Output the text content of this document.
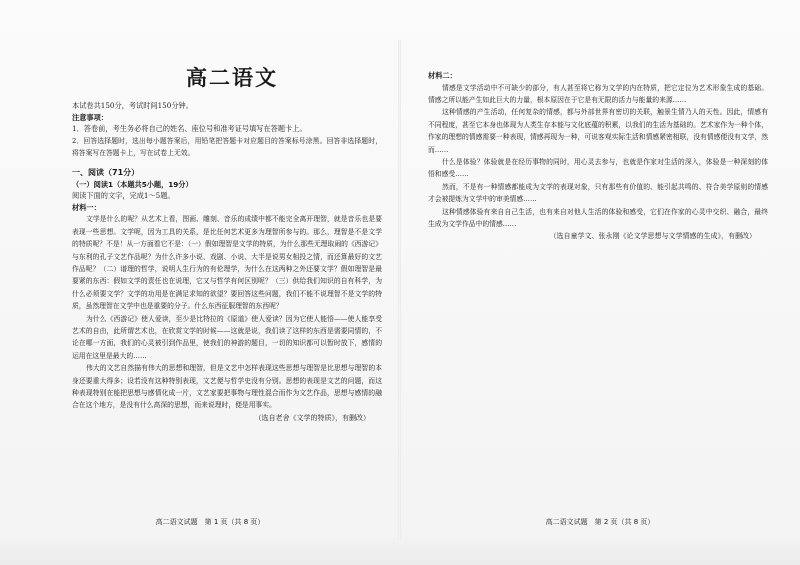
高二语文
本试卷共150分，考试时间150分钟。
注意事项：
1．答卷前，考生务必将自己的姓名、座位号和准考证号填写在答题卡上。
2．回答选择题时，选出每小题答案后，用铅笔把答题卡对应题目的答案标号涂黑。回答非选择题时，将答案写在答题卡上，写在试卷上无效。
一、阅读（71分）
（一）阅读1（本题共5小题，19分）
阅读下面的文字，完成1～5题。
材料一：
文学是什么的呢？从艺术上看，图画、雕刻、音乐的成绩中都不能完全离开理智，就是音乐也是要表现一些思想。文学呢，因为工具的关系，是比任何艺术更多为理智所参与的。那么，理智是不是文学的特质呢？不是！从一方面看它不是：（一）假如理智是文学的特质，为什么那些无理取闹的《西游记》与东利的孔子文艺作品呢？为什么许多小说、戏剧、小说、大半是说男女相投之情，而还算最好的文艺作品呢？（二）谱理的哲学，说明人生行为的有伦理学，为什么在这两种之外还要文学？假如理智是最要紧的东西：假如文学的责任也在说理，它又与哲学有何区别呢？（三）供给我们知识的自有科学，为什么必须要文学？文学的功用是在满足求知的欲望？要回答这些问题，我们不能不说理智不是文学的特质，虽然理智在文学中也是重要的分子。什么东西征服理智的东西呢？
为什么《西游记》使人爱读，至少是比特拉的《原道》使人爱读？因为它使人能悟——使人能享受艺术的自由，此所谓艺术也，在欣赏文学的时候——这就是说，我们读了这样的东西是需要同情的，不论在哪一方面，我们的心灵被引到作品里，使我们的神游的题目，一切的知识都可以暂时放下，感情的运用在这里是最大的……
伟大的文艺自然描有伟大的思想和理智，但是文艺中怎样表现这些思想与理智是比思想与理智的本身还要重大得多；设若没有这种特别表现，文艺便与哲学史没有分别。思想的表现是文艺的问题，而这种表现特别在能把思想与感情化成一片，文艺家要把事物与理性混合而作为文艺作品，思想与感情的融合在这个地方，是没有什么高深的思想，而来说理时，便是用事实。
（选自老舍《文学的特质》，有删改）
高二语文试题　第 1 页（共 8 页）
材料二：
情感是文学活动中不可缺少的部分，有人甚至将它称为文学的内在特质，把它定位为艺术形象生成的基础。情感之所以能产生如此巨大的力量，根本原因在于它是有无限的活力与能量的来源……
这种情感的产生活动，任何复杂的情感，都与外部世界有密切的关联，触景生情乃人的天性。因此，情感有不同程度，甚至它本身也体现为人类生存本能与文化底蕴的积累，以我们的生活为基础的。艺术家作为一种个体，作家的理想的情感需要一种表现，情感再现为一种，可说客观实际生活和情感紧密相联，没有情感便没有文学，然而……
什么是体验？体验就是在经历事物的同时，用心灵去参与，也就是作家对生活的深入，体验是一种深刻的体悟和感受……
然而，不是有一种情感都能成为文学的表现对象，只有那些有价值的、能引起共鸣的、符合美学原则的情感才会被提炼为文学中的审美情感……
这种情感体验有来自自己生活，也有来自对他人生活的体验和感受，它们在作家的心灵中交织、融合，最终生成为文学作品中的情感……
（选自童学文、张永刚《论文学思想与文学情感的生成》，有删改）
高二语文试题　第 2 页（共 8 页）
